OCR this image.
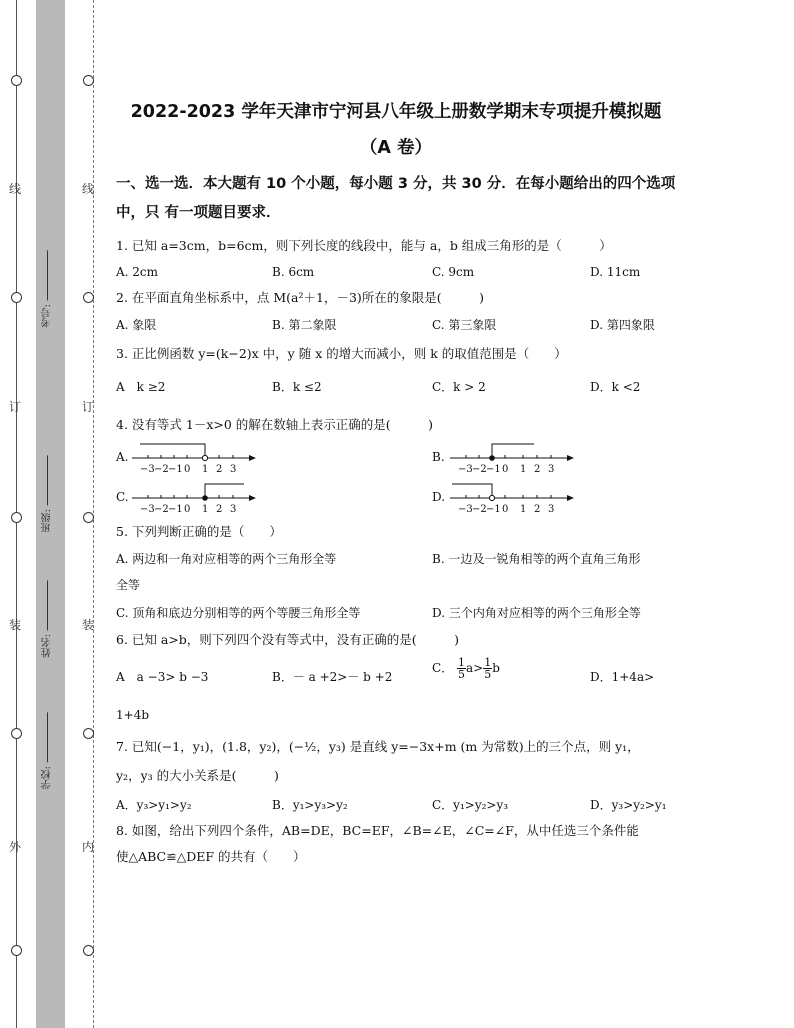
线
订
装
外
线
订
装
内
考号:
班级:
姓名:
学校:
2022-2023 学年天津市宁河县八年级上册数学期末专项提升模拟题（A 卷）
一、选一选．本大题有 10 个小题，每小题 3 分，共 30 分．在每小题给出的四个选项中，只 有一项题目要求．
1. 已知 a=3cm，b=6cm，则下列长度的线段中，能与 a，b 组成三角形的是（　　　）
A. 2cm	B. 6cm	C. 9cm	D. 11cm
2. 在平面直角坐标系中，点 M(a²＋1，－3)所在的象限是(　　　)
A. 象限	B. 第二象限	C. 第三象限	D. 第四象限
3. 正比例函数 y=(k−2)x 中，y 随 x 的增大而减小，则 k 的取值范围是（　　）
A　k ≥2	B．k ≤2	C．k > 2	D．k <2
4. 没有等式 1－x>0 的解在数轴上表示正确的是(　　　)
A.
−3 −2 −1 0 1 2 3
B.
−3 −2 −1 0 1 2 3
C.
−3 −2 −1 0 1 2 3
D.
−3 −2 −1 0 1 2 3
5. 下列判断正确的是（　　）
A. 两边和一角对应相等的两个三角形全等	B. 一边及一锐角相等的两个直角三角形
全等
C. 顶角和底边分别相等的两个等腰三角形全等	D. 三个内角对应相等的两个三角形全等
6. 已知 a>b，则下列四个没有等式中，没有正确的是(　　　)
A　a −3> b −3	B．－ a +2>－ b +2
C． $\frac{1}{5} a> \frac{1}{5}$ b
D．1+4a>
1+4b
7. 已知(−1，y₁)，(1.8，y₂)，(−½，y₃) 是直线 y=−3x+m (m 为常数)上的三个点，则 y₁，
y₂，y₃ 的大小关系是(　　　)
A．y₃>y₁>y₂	B．y₁>y₃>y₂	C．y₁>y₂>y₃	D．y₃>y₂>y₁
8. 如图，给出下列四个条件，AB=DE，BC=EF，∠B=∠E，∠C=∠F，从中任选三个条件能
使△ABC≌△DEF 的共有（　　）
